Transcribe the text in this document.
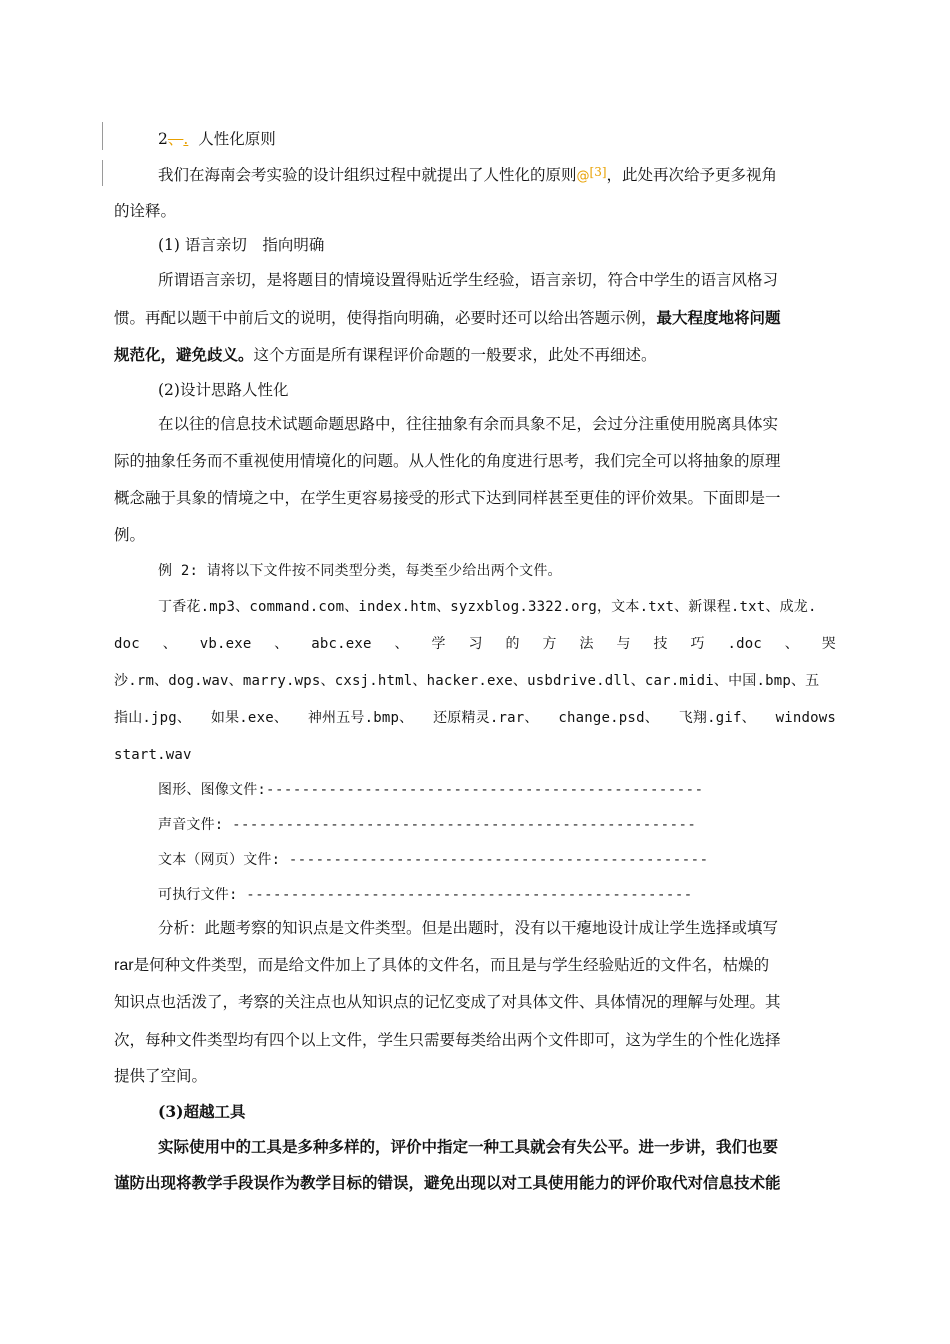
2、. 人性化原则
我们在海南会考实验的设计组织过程中就提出了人性化的原则@[3]，此处再次给予更多视角
的诠释。
(1) 语言亲切　指向明确
所谓语言亲切，是将题目的情境设置得贴近学生经验，语言亲切，符合中学生的语言风格习
惯。再配以题干中前后文的说明，使得指向明确，必要时还可以给出答题示例，最大程度地将问题
规范化，避免歧义。这个方面是所有课程评价命题的一般要求，此处不再细述。
(2)设计思路人性化
在以往的信息技术试题命题思路中，往往抽象有余而具象不足，会过分注重使用脱离具体实
际的抽象任务而不重视使用情境化的问题。从人性化的角度进行思考，我们完全可以将抽象的原理
概念融于具象的情境之中，在学生更容易接受的形式下达到同样甚至更佳的评价效果。下面即是一
例。
例 2: 请将以下文件按不同类型分类，每类至少给出两个文件。
丁香花.mp3、command.com、index.htm、syzxblog.3322.org，文本.txt、新课程.txt、成龙.
doc 、 vb.exe 、 abc.exe 、 学 习 的 方 法 与 技 巧 .doc 、 哭
沙.rm、dog.wav、marry.wps、cxsj.html、hacker.exe、usbdrive.dll、car.midi、中国.bmp、五
指山.jpg、 如果.exe、 神州五号.bmp、 还原精灵.rar、 change.psd、 飞翔.gif、 windows
start.wav
图形、图像文件:-------------------------------------------------
声音文件: ----------------------------------------------------
文本（网页）文件: -----------------------------------------------
可执行文件: --------------------------------------------------
分析：此题考察的知识点是文件类型。但是出题时，没有以干瘪地设计成让学生选择或填写
rar是何种文件类型，而是给文件加上了具体的文件名，而且是与学生经验贴近的文件名，枯燥的
知识点也活泼了，考察的关注点也从知识点的记忆变成了对具体文件、具体情况的理解与处理。其
次，每种文件类型均有四个以上文件，学生只需要每类给出两个文件即可，这为学生的个性化选择
提供了空间。
(3)超越工具
实际使用中的工具是多种多样的，评价中指定一种工具就会有失公平。进一步讲，我们也要
谨防出现将教学手段误作为教学目标的错误，避免出现以对工具使用能力的评价取代对信息技术能
